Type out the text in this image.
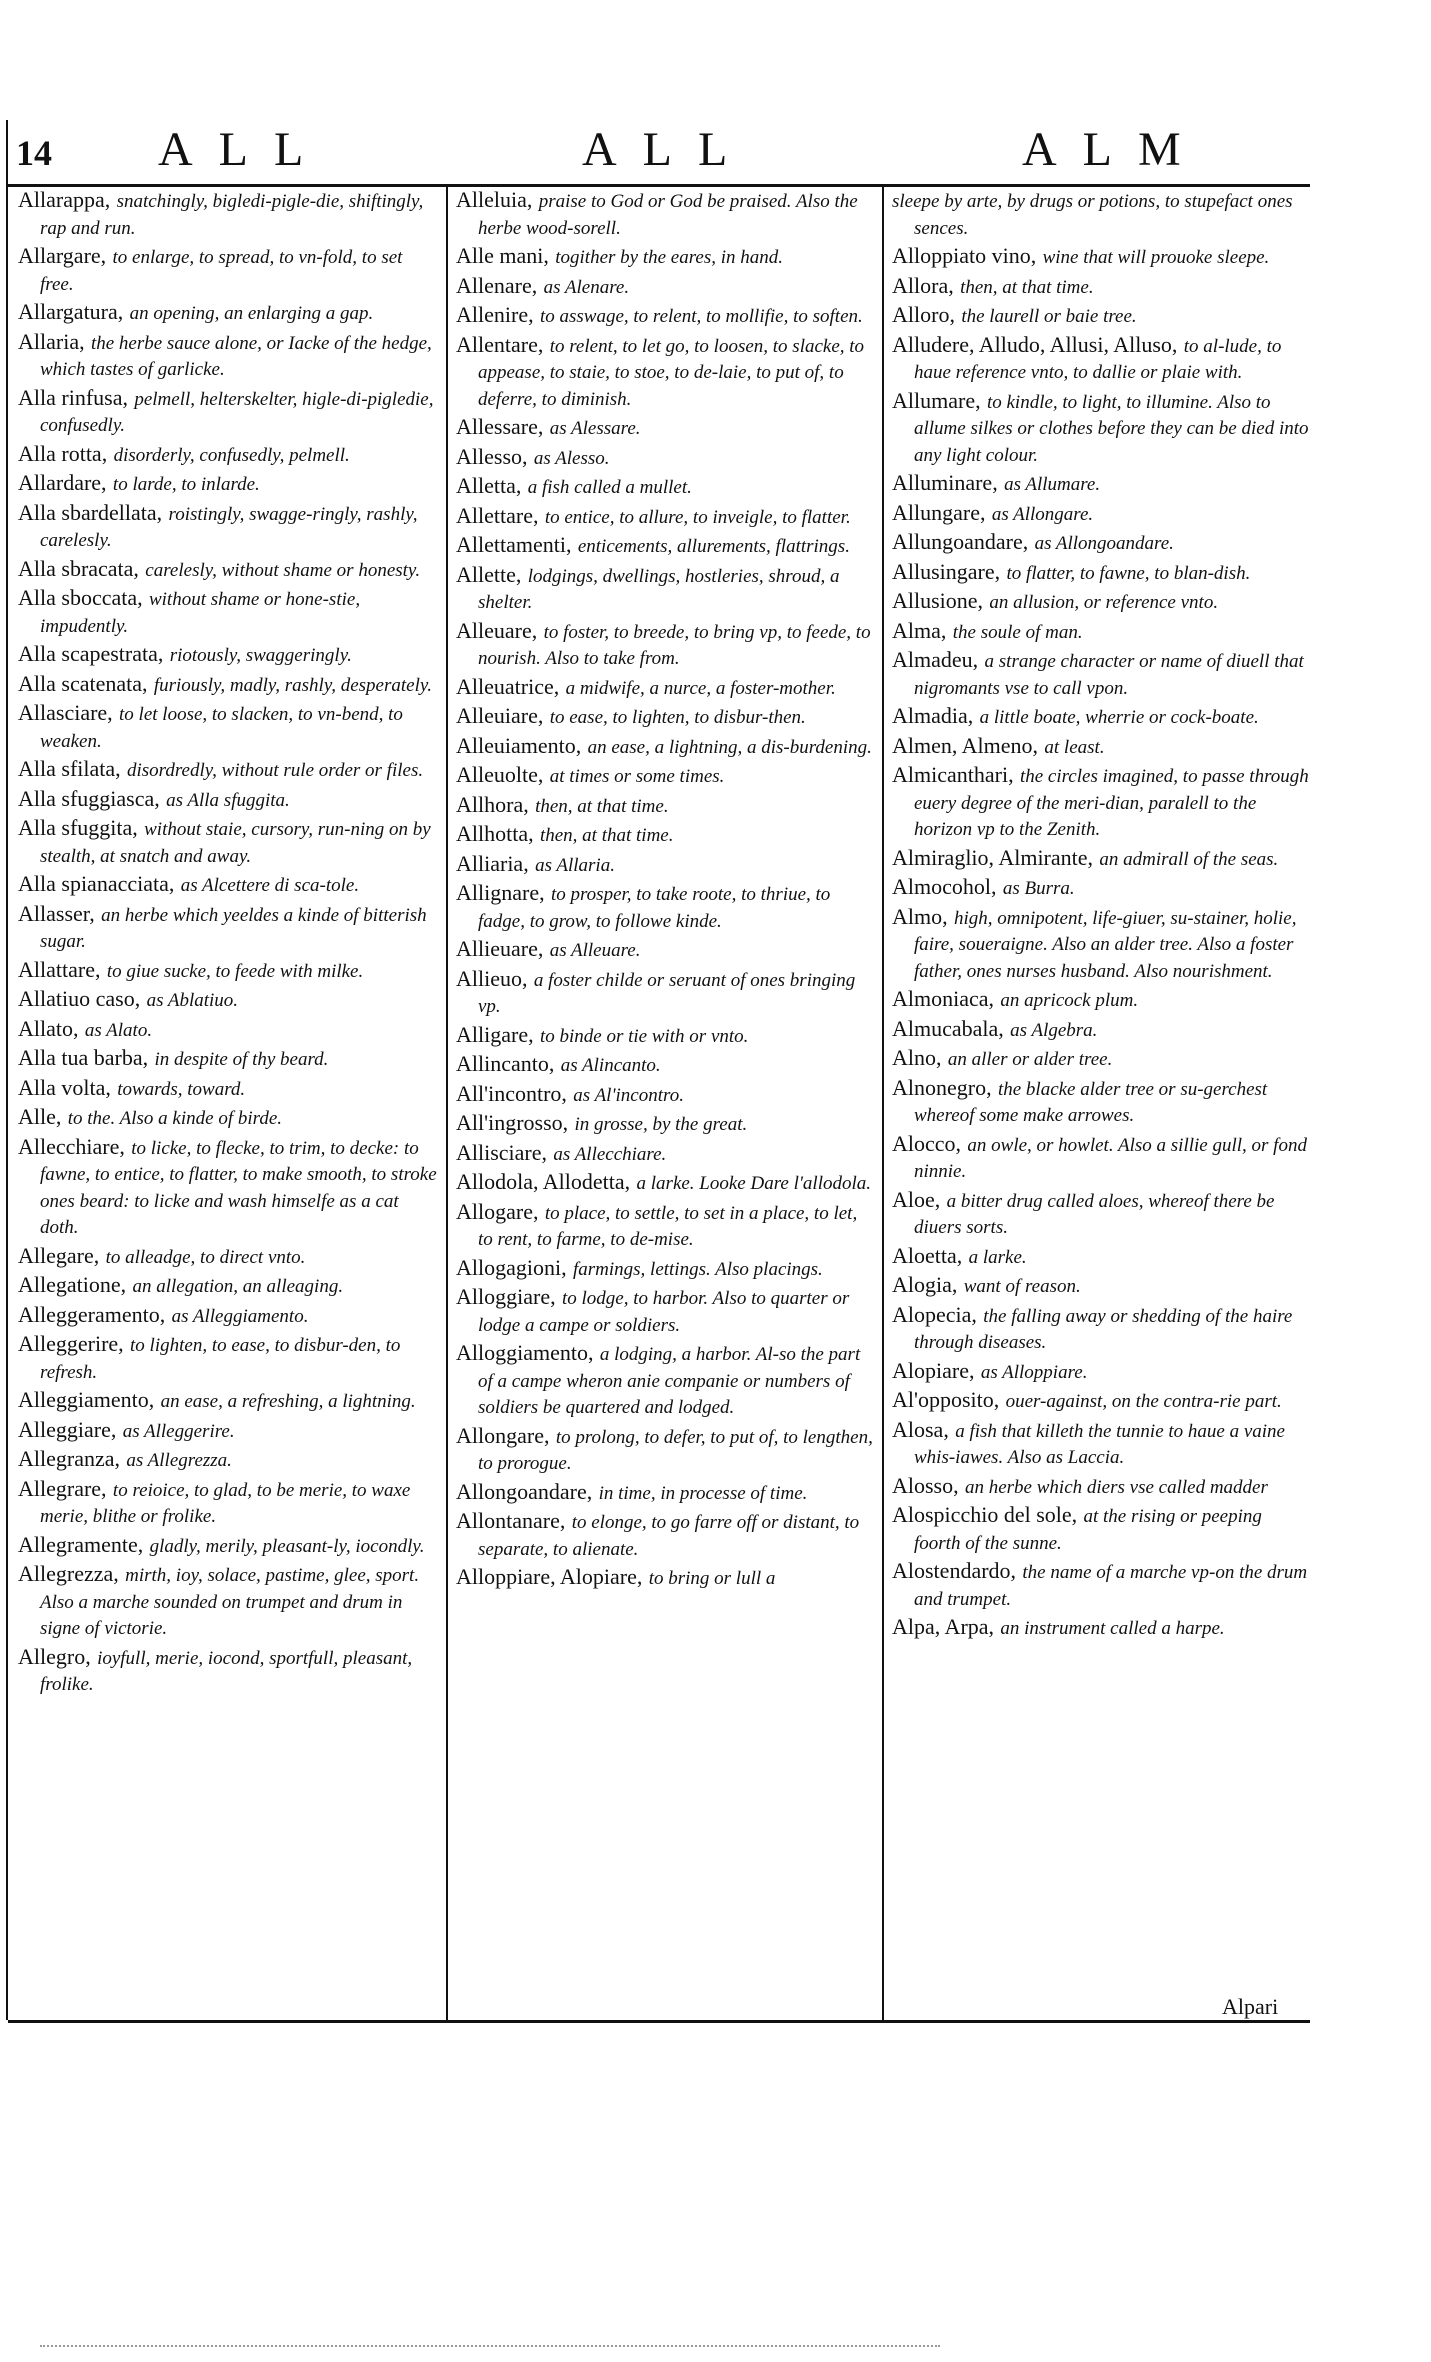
14 ALL	ALL	ALM
Allarappa, snatchingly, bigledi-pigle-die, shiftingly, rap and run.
Allargare, to enlarge, to spread, to vn-fold, to set free.
Allargatura, an opening, an enlarging a gap.
Allaria, the herbe sauce alone, or Iacke of the hedge, which tastes of garlicke.
Alla rinfusa, pelmell, helterskelter, higle-di-pigledie, confusedly.
Alla rotta, disorderly, confusedly, pelmell.
Allardare, to larde, to inlarde.
Alla sbardellata, roistingly, swagge-ringly, rashly, carelesly.
Alla sbracata, carelesly, without shame or honesty.
Alla sboccata, without shame or hone-stie, impudently.
Alla scapestrata, riotously, swaggeringly.
Alla scatenata, furiously, madly, rashly, desperately.
Allasciare, to let loose, to slacken, to vn-bend, to weaken.
Alla sfilata, disordredly, without rule order or files.
Alla sfuggiasca, as Alla sfuggita.
Alla sfuggita, without staie, cursory, run-ning on by stealth, at snatch and away.
Alla spianacciata, as Alcettere di sca-tole.
Allasser, an herbe which yeeldes a kinde of bitterish sugar.
Allattare, to giue sucke, to feede with milke.
Allatiuo caso, as Ablatiuo.
Allato, as Alato.
Alla tua barba, in despite of thy beard.
Alla volta, towards, toward.
Alle, to the. Also a kinde of birde.
Allecchiare, to licke, to flecke, to trim, to decke: to fawne, to entice, to flatter, to make smooth, to stroke ones beard: to licke and wash himselfe as a cat doth.
Allegare, to alleadge, to direct vnto.
Allegatione, an allegation, an alleaging.
Alleggeramento, as Alleggiamento.
Alleggerire, to lighten, to ease, to disbur-den, to refresh.
Alleggiamento, an ease, a refreshing, a lightning.
Alleggiare, as Alleggerire.
Allegranza, as Allegrezza.
Allegrare, to reioice, to glad, to be merie, to waxe merie, blithe or frolike.
Allegramente, gladly, merily, pleasant-ly, iocondly.
Allegrezza, mirth, ioy, solace, pastime, glee, sport. Also a marche sounded on trumpet and drum in signe of victorie.
Allegro, ioyfull, merie, iocond, sportfull, pleasant, frolike.
Alleluia, praise to God or God be praised. Also the herbe wood-sorell.
Alle mani, togither by the eares, in hand.
Allenare, as Alenare.
Allenire, to asswage, to relent, to mollifie, to soften.
Allentare, to relent, to let go, to loosen, to slacke, to appease, to staie, to stoe, to de-laie, to put of, to deferre, to diminish.
Allessare, as Alessare.
Allesso, as Alesso.
Alletta, a fish called a mullet.
Allettare, to entice, to allure, to inveigle, to flatter.
Allettamenti, enticements, allurements, flattrings.
Allette, lodgings, dwellings, hostleries, shroud, a shelter.
Alleuare, to foster, to breede, to bring vp, to feede, to nourish. Also to take from.
Alleuatrice, a midwife, a nurce, a foster-mother.
Alleuiare, to ease, to lighten, to disbur-then.
Alleuiamento, an ease, a lightning, a dis-burdening.
Alleuolte, at times or some times.
Allhora, then, at that time.
Allhotta, then, at that time.
Alliaria, as Allaria.
Allignare, to prosper, to take roote, to thriue, to fadge, to grow, to followe kinde.
Allieuare, as Alleuare.
Allieuo, a foster childe or seruant of ones bringing vp.
Alligare, to binde or tie with or vnto.
Allincanto, as Alincanto.
All'incontro, as Al'incontro.
All'ingrosso, in grosse, by the great.
Allisciare, as Allecchiare.
Allodola, Allodetta, a larke. Looke Dare l'allodola.
Allogare, to place, to settle, to set in a place, to let, to rent, to farme, to de-mise.
Allogagioni, farmings, lettings. Also placings.
Alloggiare, to lodge, to harbor. Also to quarter or lodge a campe or soldiers.
Alloggiamento, a lodging, a harbor. Al-so the part of a campe wheron anie companie or numbers of soldiers be quartered and lodged.
Allongare, to prolong, to defer, to put of, to lengthen, to prorogue.
Allongoandare, in time, in processe of time.
Allontanare, to elonge, to go farre off or distant, to separate, to alienate.
Alloppiare, Alopiare, to bring or lull a
sleepe by arte, by drugs or potions, to stupefact ones sences.
Alloppiato vino, wine that will prouoke sleepe.
Allora, then, at that time.
Alloro, the laurell or baie tree.
Alludere, Alludo, Allusi, Alluso, to al-lude, to haue reference vnto, to dallie or plaie with.
Allumare, to kindle, to light, to illumine. Also to allume silkes or clothes before they can be died into any light colour.
Alluminare, as Allumare.
Allungare, as Allongare.
Allungoandare, as Allongoandare.
Allusingare, to flatter, to fawne, to blan-dish.
Allusione, an allusion, or reference vnto.
Alma, the soule of man.
Almadeu, a strange character or name of diuell that nigromants vse to call vpon.
Almadia, a little boate, wherrie or cock-boate.
Almen, Almeno, at least.
Almicanthari, the circles imagined, to passe through euery degree of the meri-dian, paralell to the horizon vp to the Zenith.
Almiraglio, Almirante, an admirall of the seas.
Almocohol, as Burra.
Almo, high, omnipotent, life-giuer, su-stainer, holie, faire, soueraigne. Also an alder tree. Also a foster father, ones nurses husband. Also nourishment.
Almoniaca, an apricock plum.
Almucabala, as Algebra.
Alno, an aller or alder tree.
Alnonegro, the blacke alder tree or su-gerchest whereof some make arrowes.
Alocco, an owle, or howlet. Also a sillie gull, or fond ninnie.
Aloe, a bitter drug called aloes, whereof there be diuers sorts.
Aloetta, a larke.
Alogia, want of reason.
Alopecia, the falling away or shedding of the haire through diseases.
Alopiare, as Alloppiare.
Al'opposito, ouer-against, on the contra-rie part.
Alosa, a fish that killeth the tunnie to haue a vaine whis-iawes. Also as Laccia.
Alosso, an herbe which diers vse called madder
Alospicchio del sole, at the rising or peeping foorth of the sunne.
Alostendardo, the name of a marche vp-on the drum and trumpet.
Alpa, Arpa, an instrument called a harpe.
Alpari
